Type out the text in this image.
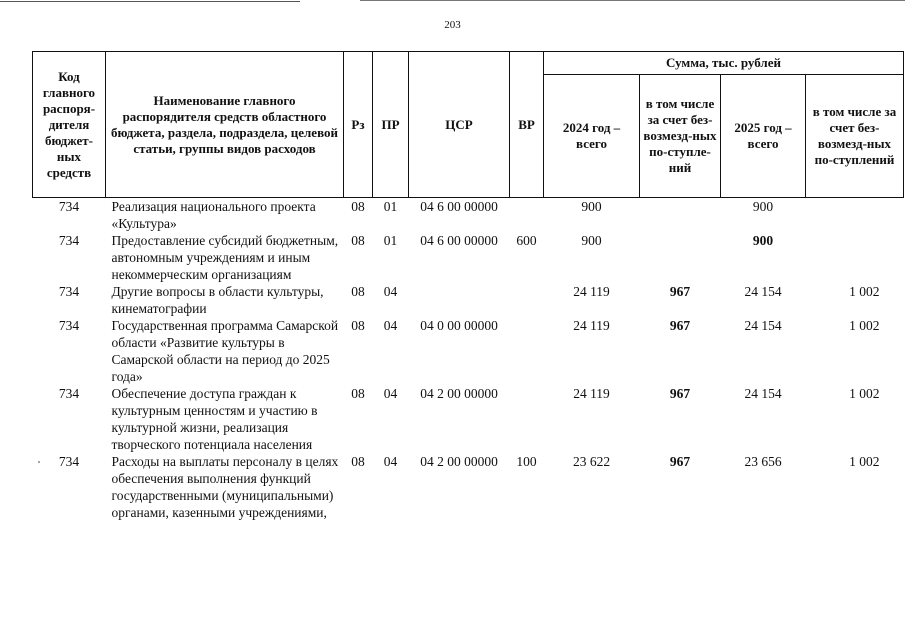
203
Код главного распоря-дителя бюджет-ных средств	Наименование главного распорядителя средств областного бюджета, раздела, подраздела, целевой статьи, группы видов расходов	Рз	ПР	ЦСР	ВР	Сумма, тыс. рублей			
						2024 год – всего	в том числе за счет без-возмезд-ных по-ступле-ний	2025 год – всего	в том числе за счет без-возмезд-ных по-ступлений
734	Реализация национального проекта «Культура»	08	01	04 6 00 00000		900		900	
734	Предоставление субсидий бюджетным, автономным учреждениям и иным некоммерческим организациям	08	01	04 6 00 00000	600	900		900	
734	Другие вопросы в области культуры, кинематографии	08	04			24 119	967	24 154	1 002
734	Государственная программа Самарской области «Развитие культуры в Самарской области на период до 2025 года»	08	04	04 0 00 00000		24 119	967	24 154	1 002
734	Обеспечение доступа граждан к культурным ценностям и участию в культурной жизни, реализация творческого потенциала населения	08	04	04 2 00 00000		24 119	967	24 154	1 002
734	Расходы на выплаты персоналу в целях обеспечения выполнения функций государственными (муниципальными) органами, казенными учреждениями,	08	04	04 2 00 00000	100	23 622	967	23 656	1 002
